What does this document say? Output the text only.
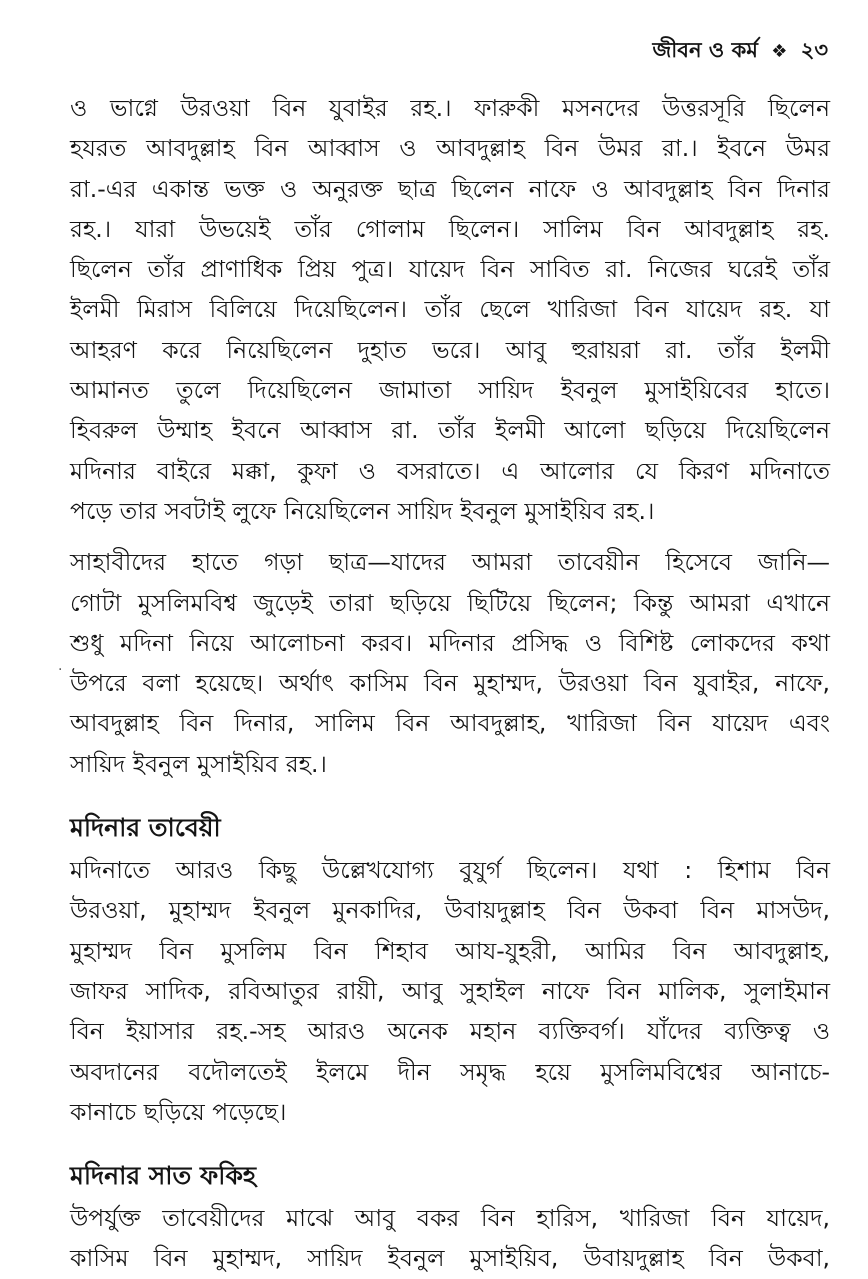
জীবন ও কর্ম ❖ ২৩
·

ও ভাগ্নে উরওয়া বিন যুবাইর রহ.। ফারুকী মসনদের উত্তরসূরি ছিলেন
হযরত আবদুল্লাহ বিন আব্বাস ও আবদুল্লাহ বিন উমর রা.। ইবনে উমর
রা.-এর একান্ত ভক্ত ও অনুরক্ত ছাত্র ছিলেন নাফে ও আবদুল্লাহ বিন দিনার
রহ.। যারা উভয়েই তাঁর গোলাম ছিলেন। সালিম বিন আবদুল্লাহ রহ.
ছিলেন তাঁর প্রাণাধিক প্রিয় পুত্র। যায়েদ বিন সাবিত রা. নিজের ঘরেই তাঁর
ইলমী মিরাস বিলিয়ে দিয়েছিলেন। তাঁর ছেলে খারিজা বিন যায়েদ রহ. যা
আহরণ করে নিয়েছিলেন দুহাত ভরে। আবু হুরায়রা রা. তাঁর ইলমী
আমানত তুলে দিয়েছিলেন জামাতা সায়িদ ইবনুল মুসাইয়িবের হাতে।
হিবরুল উম্মাহ ইবনে আব্বাস রা. তাঁর ইলমী আলো ছড়িয়ে দিয়েছিলেন
মদিনার বাইরে মক্কা, কুফা ও বসরাতে। এ আলোর যে কিরণ মদিনাতে
পড়ে তার সবটাই লুফে নিয়েছিলেন সায়িদ ইবনুল মুসাইয়িব রহ.।

সাহাবীদের হাতে গড়া ছাত্র—যাদের আমরা তাবেয়ীন হিসেবে জানি—
গোটা মুসলিমবিশ্ব জুড়েই তারা ছড়িয়ে ছিটিয়ে ছিলেন; কিন্তু আমরা এখানে
শুধু মদিনা নিয়ে আলোচনা করব। মদিনার প্রসিদ্ধ ও বিশিষ্ট লোকদের কথা
উপরে বলা হয়েছে। অর্থাৎ কাসিম বিন মুহাম্মদ, উরওয়া বিন যুবাইর, নাফে,
আবদুল্লাহ বিন দিনার, সালিম বিন আবদুল্লাহ, খারিজা বিন যায়েদ এবং
সায়িদ ইবনুল মুসাইয়িব রহ.।

মদিনার তাবেয়ী

মদিনাতে আরও কিছু উল্লেখযোগ্য বুযুর্গ ছিলেন। যথা : হিশাম বিন
উরওয়া, মুহাম্মদ ইবনুল মুনকাদির, উবায়দুল্লাহ বিন উকবা বিন মাসউদ,
মুহাম্মদ বিন মুসলিম বিন শিহাব আয-যুহরী, আমির বিন আবদুল্লাহ,
জাফর সাদিক, রবিআতুর রায়ী, আবু সুহাইল নাফে বিন মালিক, সুলাইমান
বিন ইয়াসার রহ.-সহ আরও অনেক মহান ব্যক্তিবর্গ। যাঁদের ব্যক্তিত্ব ও
অবদানের বদৌলতেই ইলমে দীন সমৃদ্ধ হয়ে মুসলিমবিশ্বের আনাচে-
কানাচে ছড়িয়ে পড়েছে।

মদিনার সাত ফকিহ

উপর্যুক্ত তাবেয়ীদের মাঝে আবু বকর বিন হারিস, খারিজা বিন যায়েদ,
কাসিম বিন মুহাম্মদ, সায়িদ ইবনুল মুসাইয়িব, উবায়দুল্লাহ বিন উকবা,
